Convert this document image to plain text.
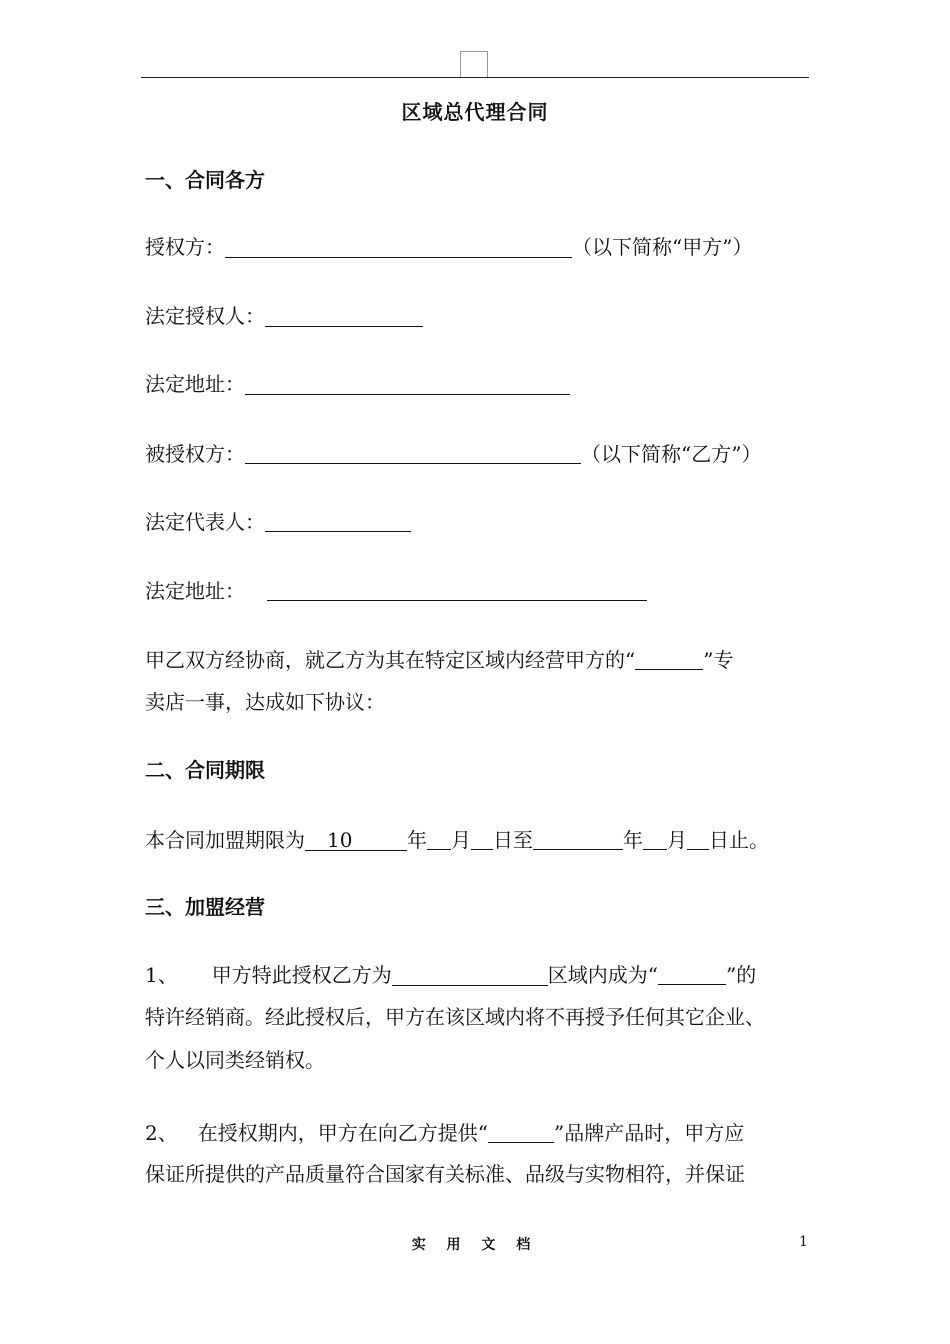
区域总代理合同
一、合同各方
授权方：	（以下简称“甲方”）
法定授权人：
法定地址：
被授权方：	（以下简称“乙方”）
法定代表人：
法定地址：
甲乙双方经协商，就乙方为其在特定区域内经营甲方的“	”专
卖店一事，达成如下协议：
二、合同期限
本合同加盟期限为 10	年 月 日至	年 月 日止。
三、加盟经营
1、 甲方特此授权乙方为	区域内成为“	”的
特许经销商。经此授权后，甲方在该区域内将不再授予任何其它企业、
个人以同类经销权。
2、 在授权期内，甲方在向乙方提供“	”品牌产品时，甲方应
保证所提供的产品质量符合国家有关标准、品级与实物相符，并保证
实 用 文 档	1
